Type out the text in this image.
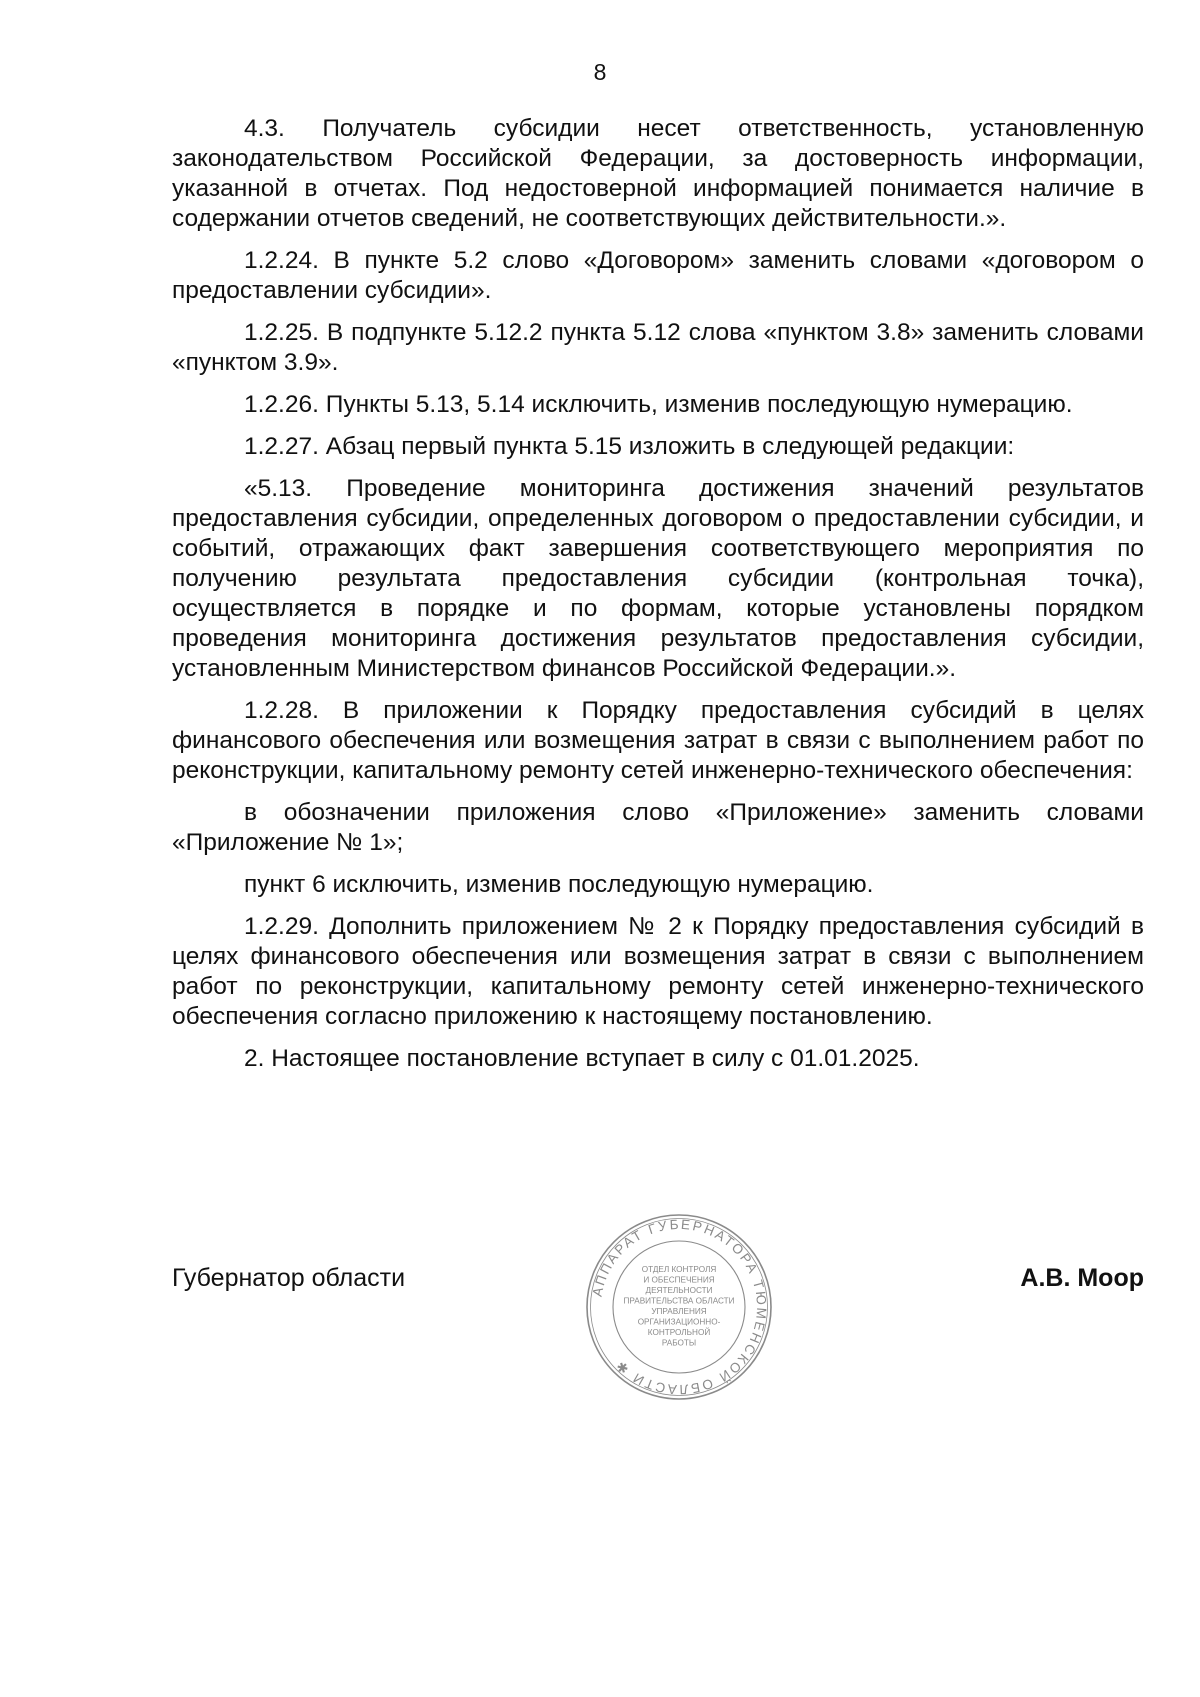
8

4.3. Получатель субсидии несет ответственность, установленную законодательством Российской Федерации, за достоверность информации, указанной в отчетах. Под недостоверной информацией понимается наличие в содержании отчетов сведений, не соответствующих действительности.».

1.2.24. В пункте 5.2 слово «Договором» заменить словами «договором о предоставлении субсидии».

1.2.25. В подпункте 5.12.2 пункта 5.12 слова «пунктом 3.8» заменить словами «пунктом 3.9».

1.2.26. Пункты 5.13, 5.14 исключить, изменив последующую нумерацию.

1.2.27. Абзац первый пункта 5.15 изложить в следующей редакции:

«5.13. Проведение мониторинга достижения значений результатов предоставления субсидии, определенных договором о предоставлении субсидии, и событий, отражающих факт завершения соответствующего мероприятия по получению результата предоставления субсидии (контрольная точка), осуществляется в порядке и по формам, которые установлены порядком проведения мониторинга достижения результатов предоставления субсидии, установленным Министерством финансов Российской Федерации.».

1.2.28. В приложении к Порядку предоставления субсидий в целях финансового обеспечения или возмещения затрат в связи с выполнением работ по реконструкции, капитальному ремонту сетей инженерно-технического обеспечения:

в обозначении приложения слово «Приложение» заменить словами «Приложение № 1»;

пункт 6 исключить, изменив последующую нумерацию.

1.2.29. Дополнить приложением № 2 к Порядку предоставления субсидий в целях финансового обеспечения или возмещения затрат в связи с выполнением работ по реконструкции, капитальному ремонту сетей инженерно-технического обеспечения согласно приложению к настоящему постановлению.

2. Настоящее постановление вступает в силу с 01.01.2025.

Губернатор области	А.В. Моор
АППАРАТ ГУБЕРНАТОРА ТЮМЕНСКОЙ ОБЛАСТИ ✱
ОТДЕЛ КОНТРОЛЯ
И ОБЕСПЕЧЕНИЯ
ДЕЯТЕЛЬНОСТИ
ПРАВИТЕЛЬСТВА ОБЛАСТИ
УПРАВЛЕНИЯ
ОРГАНИЗАЦИОННО-
КОНТРОЛЬНОЙ
РАБОТЫ
